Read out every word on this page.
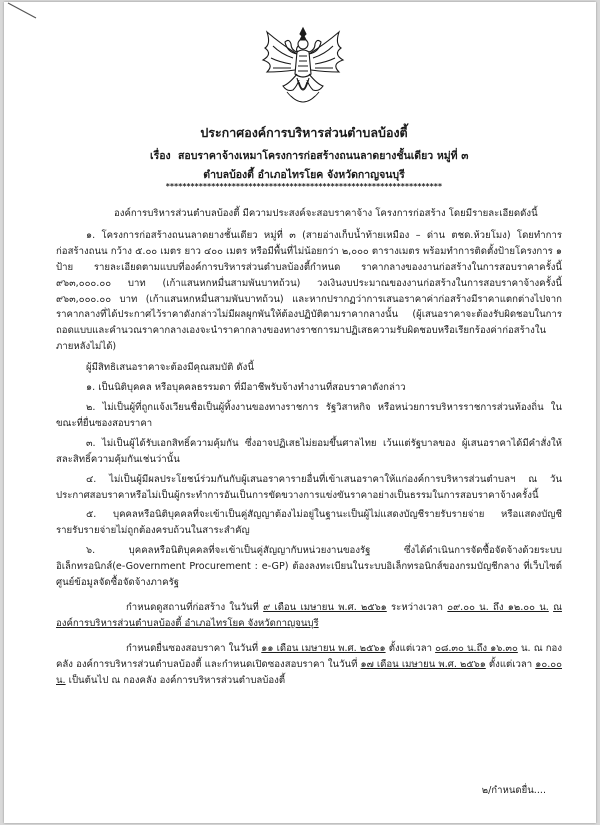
ประกาศองค์การบริหารส่วนตำบลบ้องตี้
เรื่อง สอบราคาจ้างเหมาโครงการก่อสร้างถนนลาดยางชั้นเดียว หมู่ที่ ๓
ตำบลบ้องตี้ อำเภอไทรโยค จังหวัดกาญจนบุรี
*******************************************************************

องค์การบริหารส่วนตำบลบ้องตี้ มีความประสงค์จะสอบราคาจ้าง โครงการก่อสร้าง โดยมีรายละเอียดดังนี้

๑. โครงการก่อสร้างถนนลาดยางชั้นเดียว หมู่ที่ ๓ (สายอ่างเก็บน้ำท้ายเหมือง – ด่าน ตชด.ห้วยโมง) โดยทำการก่อสร้างถนน กว้าง ๕.๐๐ เมตร ยาว ๔๐๐ เมตร หรือมีพื้นที่ไม่น้อยกว่า ๒,๐๐๐ ตารางเมตร พร้อมทำการติดตั้งป้ายโครงการ ๑ ป้าย รายละเอียดตามแบบที่องค์การบริหารส่วนตำบลบ้องตี้กำหนด ราคากลางของงานก่อสร้างในการสอบราคาครั้งนี้ ๙๖๓,๐๐๐.๐๐ บาท (เก้าแสนหกหมื่นสามพันบาทถ้วน) วงเงินงบประมาณของงานก่อสร้างในการสอบราคาจ้างครั้งนี้ ๙๖๓,๐๐๐.๐๐ บาท (เก้าแสนหกหมื่นสามพันบาทถ้วน) และหากปรากฏว่าการเสนอราคาค่าก่อสร้างมีราคาแตกต่างไปจากราคากลางที่ได้ประกาศไว้ราคาดังกล่าวไม่มีผลผูกพันให้ต้องปฏิบัติตามราคากลางนั้น (ผู้เสนอราคาจะต้องรับผิดชอบในการถอดแบบและคำนวณราคากลางเองจะนำราคากลางของทางราชการมาปฏิเสธความรับผิดชอบหรือเรียกร้องค่าก่อสร้างในภายหลังไม่ได้)

ผู้มีสิทธิเสนอราคาจะต้องมีคุณสมบัติ ดังนี้

๑. เป็นนิติบุคคล หรือบุคคลธรรมดา ที่มีอาชีพรับจ้างทำงานที่สอบราคาดังกล่าว

๒. ไม่เป็นผู้ที่ถูกแจ้งเวียนชื่อเป็นผู้ทิ้งงานของทางราชการ รัฐวิสาหกิจ หรือหน่วยการบริหารราชการส่วนท้องถิ่น ในขณะที่ยื่นซองสอบราคา

๓. ไม่เป็นผู้ได้รับเอกสิทธิ์ความคุ้มกัน ซึ่งอาจปฏิเสธไม่ยอมขึ้นศาลไทย เว้นแต่รัฐบาลของ ผู้เสนอราคาได้มีคำสั่งให้สละสิทธิ์ความคุ้มกันเช่นว่านั้น

๔. ไม่เป็นผู้มีผลประโยชน์ร่วมกันกับผู้เสนอราคารายอื่นที่เข้าเสนอราคาให้แก่องค์การบริหารส่วนตำบลฯ ณ วันประกาศสอบราคาหรือไม่เป็นผู้กระทำการอันเป็นการขัดขวางการแข่งขันราคาอย่างเป็นธรรมในการสอบราคาจ้างครั้งนี้

๕. บุคคลหรือนิติบุคคลที่จะเข้าเป็นคู่สัญญาต้องไม่อยู่ในฐานะเป็นผู้ไม่แสดงบัญชีรายรับรายจ่าย หรือแสดงบัญชีรายรับรายจ่ายไม่ถูกต้องครบถ้วนในสาระสำคัญ

๖. บุคคลหรือนิติบุคคลที่จะเข้าเป็นคู่สัญญากับหน่วยงานของรัฐ ซึ่งได้ดำเนินการจัดซื้อจัดจ้างด้วยระบบอิเล็กทรอนิกส์(e-Government Procurement : e-GP) ต้องลงทะเบียนในระบบอิเล็กทรอนิกส์ของกรมบัญชีกลาง ที่เว็บไซต์ศูนย์ข้อมูลจัดซื้อจัดจ้างภาครัฐ

กำหนดดูสถานที่ก่อสร้าง ในวันที่ ๙ เดือน เมษายน พ.ศ. ๒๕๖๑ ระหว่างเวลา ๐๙.๐๐ น. ถึง ๑๒.๐๐ น. ณ องค์การบริหารส่วนตำบลบ้องตี้ อำเภอไทรโยค จังหวัดกาญจนบุรี

กำหนดยื่นซองสอบราคา ในวันที่ ๑๑ เดือน เมษายน พ.ศ. ๒๕๖๑ ตั้งแต่เวลา ๐๘.๓๐ น.ถึง ๑๖.๓๐ น. ณ กองคลัง องค์การบริหารส่วนตำบลบ้องตี้ และกำหนดเปิดซองสอบราคา ในวันที่ ๑๗ เดือน เมษายน พ.ศ. ๒๕๖๑ ตั้งแต่เวลา ๑๐.๐๐ น. เป็นต้นไป ณ กองคลัง องค์การบริหารส่วนตำบลบ้องตี้

๒/กำหนดยื่น....
